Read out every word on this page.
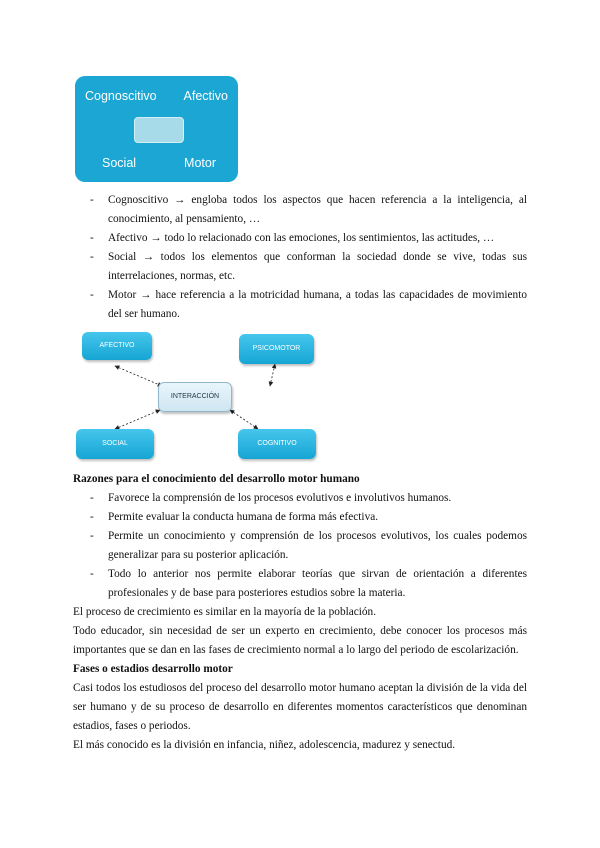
Cognoscitivo Afectivo
Social	Motor
- Cognoscitivo → engloba todos los aspectos que hacen referencia a la inteligencia, al conocimiento, al pensamiento, …
- Afectivo → todo lo relacionado con las emociones, los sentimientos, las actitudes, …
- Social → todos los elementos que conforman la sociedad donde se vive, todas sus interrelaciones, normas, etc.
- Motor → hace referencia a la motricidad humana, a todas las capacidades de movimiento del ser humano.
AFECTIVO	PSICOMOTOR
INTERACCIÓN
SOCIAL	COGNITIVO

Razones para el conocimiento del desarrollo motor humano

- Favorece la comprensión de los procesos evolutivos e involutivos humanos.
- Permite evaluar la conducta humana de forma más efectiva.
- Permite un conocimiento y comprensión de los procesos evolutivos, los cuales podemos generalizar para su posterior aplicación.
- Todo lo anterior nos permite elaborar teorías que sirvan de orientación a diferentes profesionales y de base para posteriores estudios sobre la materia.

El proceso de crecimiento es similar en la mayoría de la población.

Todo educador, sin necesidad de ser un experto en crecimiento, debe conocer los procesos más importantes que se dan en las fases de crecimiento normal a lo largo del periodo de escolarización.

Fases o estadios desarrollo motor

Casi todos los estudiosos del proceso del desarrollo motor humano aceptan la división de la vida del ser humano y de su proceso de desarrollo en diferentes momentos característicos que denominan estadios, fases o periodos.

El más conocido es la división en infancia, niñez, adolescencia, madurez y senectud.
